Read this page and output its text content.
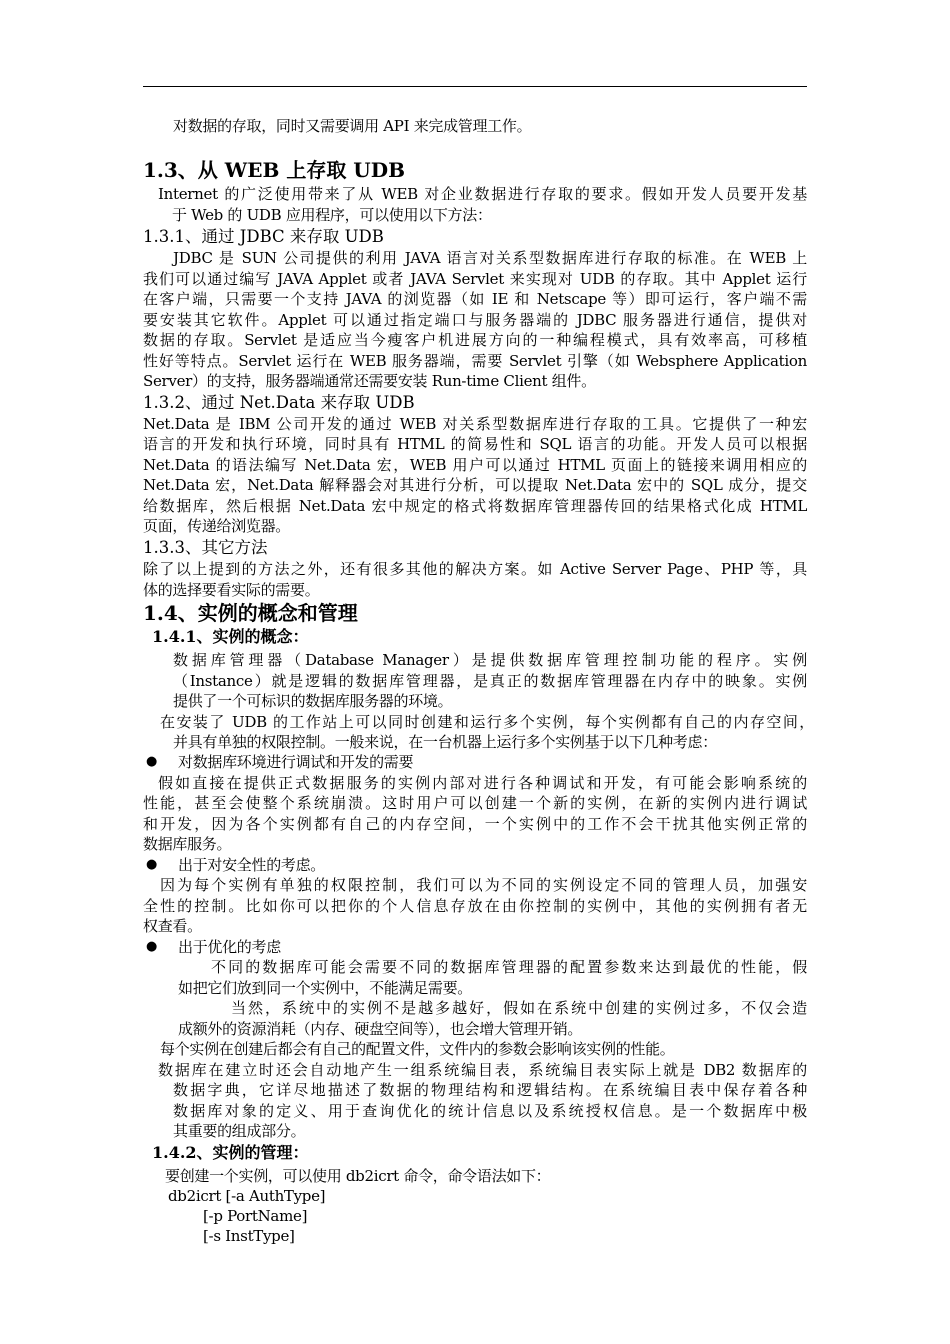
对数据的存取，同时又需要调用 API 来完成管理工作。
1.3、从 WEB 上存取 UDB
Internet 的广泛使用带来了从 WEB 对企业数据进行存取的要求。假如开发人员要开发基
于 Web 的 UDB 应用程序，可以使用以下方法：
1.3.1、通过 JDBC 来存取 UDB
JDBC 是 SUN 公司提供的利用 JAVA 语言对关系型数据库进行存取的标准。在 WEB 上
我们可以通过编写 JAVA Applet 或者 JAVA Servlet 来实现对 UDB 的存取。其中 Applet 运行
在客户端，只需要一个支持 JAVA 的浏览器（如 IE 和 Netscape 等）即可运行，客户端不需
要安装其它软件。Applet 可以通过指定端口与服务器端的 JDBC 服务器进行通信，提供对
数据的存取。Servlet 是适应当今瘦客户机进展方向的一种编程模式，具有效率高，可移植
性好等特点。Servlet 运行在 WEB 服务器端，需要 Servlet 引擎（如 Websphere Application
Server）的支持，服务器端通常还需要安装 Run-time Client 组件。
1.3.2、通过 Net.Data 来存取 UDB
Net.Data 是 IBM 公司开发的通过 WEB 对关系型数据库进行存取的工具。它提供了一种宏
语言的开发和执行环境，同时具有 HTML 的简易性和 SQL 语言的功能。开发人员可以根据
Net.Data 的语法编写 Net.Data 宏，WEB 用户可以通过 HTML 页面上的链接来调用相应的
Net.Data 宏，Net.Data 解释器会对其进行分析，可以提取 Net.Data 宏中的 SQL 成分，提交
给数据库，然后根据 Net.Data 宏中规定的格式将数据库管理器传回的结果格式化成 HTML
页面，传递给浏览器。
1.3.3、其它方法
除了以上提到的方法之外，还有很多其他的解决方案。如 Active Server Page、PHP 等，具
体的选择要看实际的需要。
1.4、实例的概念和管理
1.4.1、实例的概念：
数据库管理器（Database Manager）是提供数据库管理控制功能的程序。实例
（Instance）就是逻辑的数据库管理器，是真正的数据库管理器在内存中的映象。实例
提供了一个可标识的数据库服务器的环境。
在安装了 UDB 的工作站上可以同时创建和运行多个实例，每个实例都有自己的内存空间，
并具有单独的权限控制。一般来说，在一台机器上运行多个实例基于以下几种考虑：
● 对数据库环境进行调试和开发的需要
假如直接在提供正式数据服务的实例内部对进行各种调试和开发，有可能会影响系统的
性能，甚至会使整个系统崩溃。这时用户可以创建一个新的实例，在新的实例内进行调试
和开发，因为各个实例都有自己的内存空间，一个实例中的工作不会干扰其他实例正常的
数据库服务。
● 出于对安全性的考虑。
因为每个实例有单独的权限控制，我们可以为不同的实例设定不同的管理人员，加强安
全性的控制。比如你可以把你的个人信息存放在由你控制的实例中，其他的实例拥有者无
权查看。
● 出于优化的考虑
不同的数据库可能会需要不同的数据库管理器的配置参数来达到最优的性能，假
如把它们放到同一个实例中，不能满足需要。
当然，系统中的实例不是越多越好，假如在系统中创建的实例过多，不仅会造
成额外的资源消耗（内存、硬盘空间等），也会增大管理开销。
每个实例在创建后都会有自己的配置文件，文件内的参数会影响该实例的性能。
数据库在建立时还会自动地产生一组系统编目表，系统编目表实际上就是 DB2 数据库的
数据字典，它详尽地描述了数据的物理结构和逻辑结构。在系统编目表中保存着各种
数据库对象的定义、用于查询优化的统计信息以及系统授权信息。是一个数据库中极
其重要的组成部分。
1.4.2、实例的管理：
要创建一个实例，可以使用 db2icrt 命令，命令语法如下：
db2icrt [-a AuthType]
[-p PortName]
[-s InstType]
